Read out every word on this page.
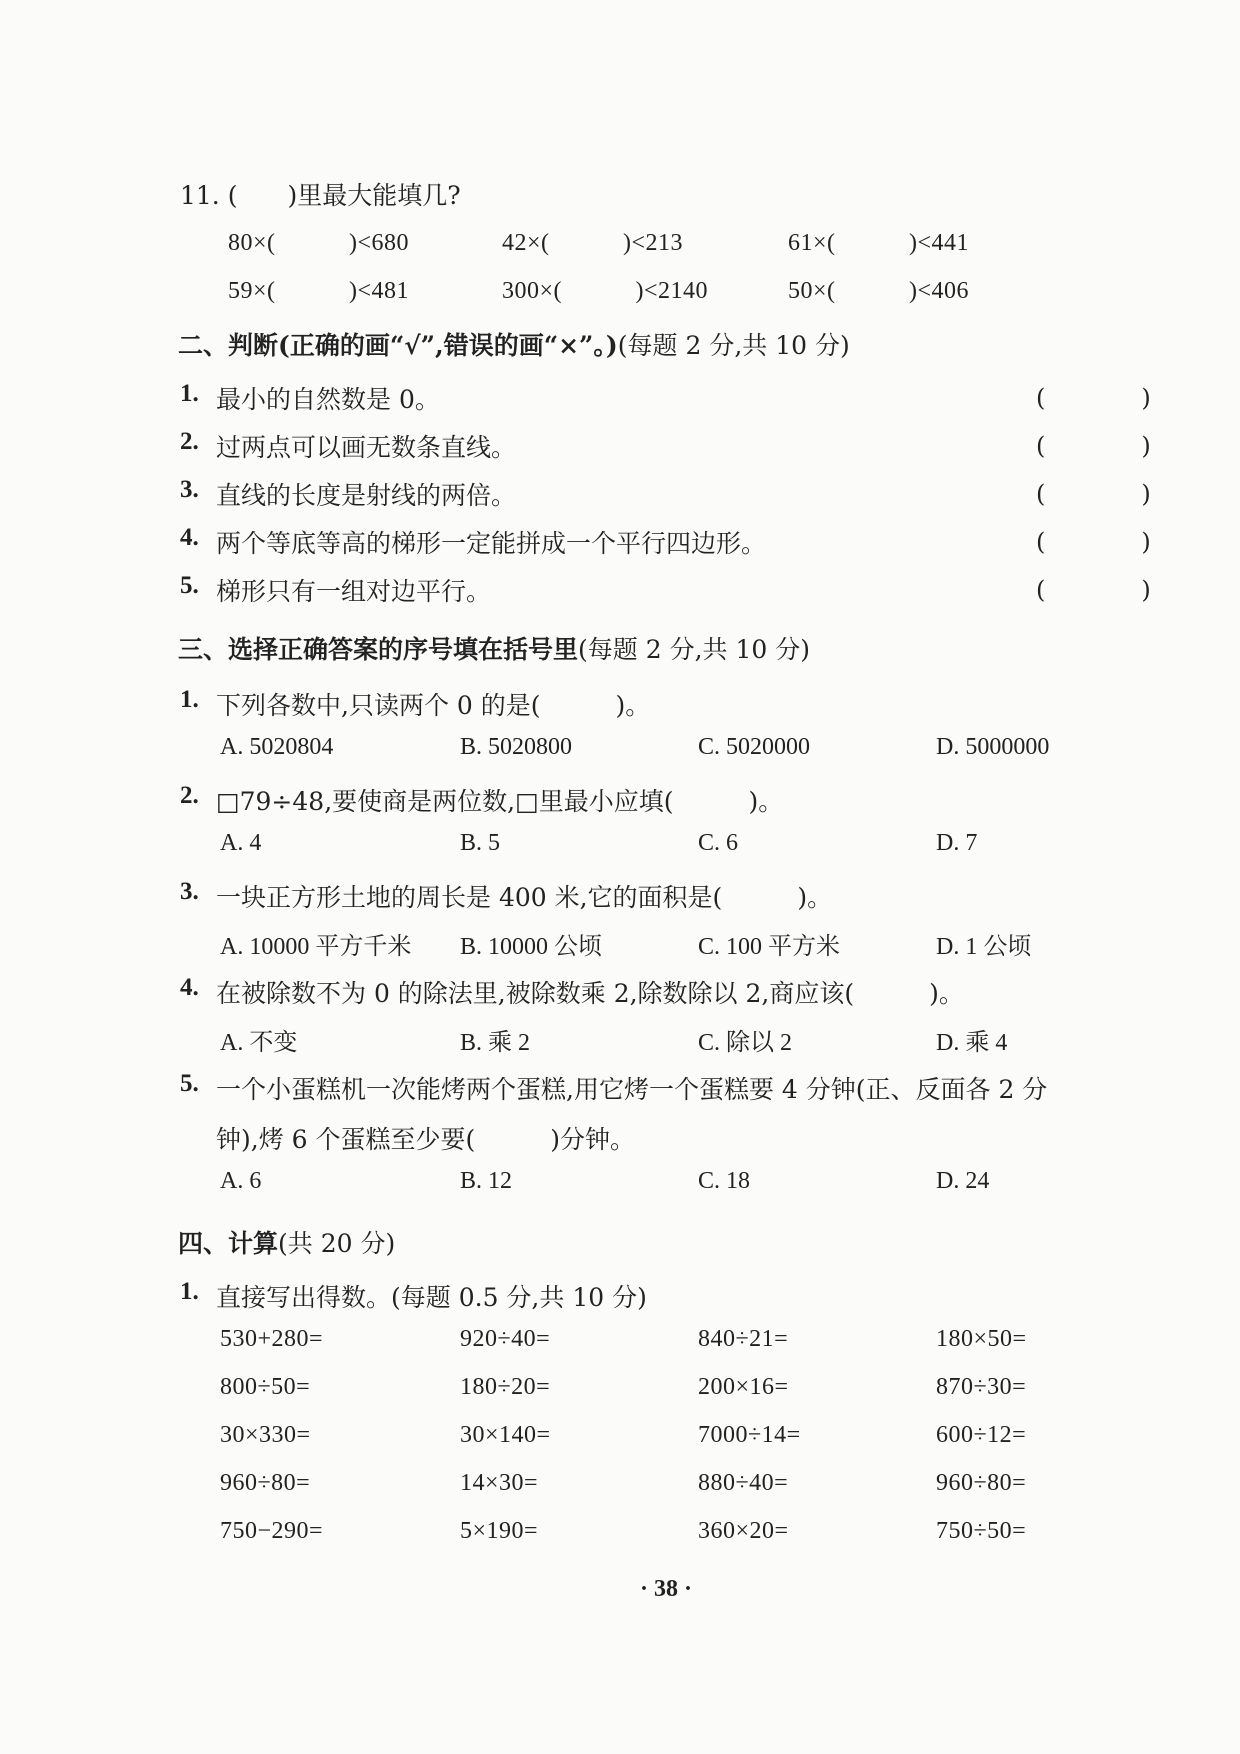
11. (　　)里最大能填几?
80×(　　　)<680	42×(　　　)<213	61×(　　　)<441
59×(　　　)<481	300×(　　　)<2140	50×(　　　)<406
二、判断(正确的画“√”,错误的画“×”。)(每题 2 分,共 10 分)
1. 最小的自然数是 0。	(　　　　)
2. 过两点可以画无数条直线。	(　　　　)
3. 直线的长度是射线的两倍。	(　　　　)
4. 两个等底等高的梯形一定能拼成一个平行四边形。	(　　　　)
5. 梯形只有一组对边平行。	(　　　　)
三、选择正确答案的序号填在括号里(每题 2 分,共 10 分)
1. 下列各数中,只读两个 0 的是(　　　)。
A. 5020804	B. 5020800	C. 5020000	D. 5000000
2. □79÷48,要使商是两位数,□里最小应填(　　　)。
A. 4	B. 5	C. 6	D. 7
3. 一块正方形土地的周长是 400 米,它的面积是(　　　)。
A. 10000 平方千米 B. 10000 公顷	C. 100 平方米	D. 1 公顷
4. 在被除数不为 0 的除法里,被除数乘 2,除数除以 2,商应该(　　　)。
A. 不变	B. 乘 2	C. 除以 2	D. 乘 4
5. 一个小蛋糕机一次能烤两个蛋糕,用它烤一个蛋糕要 4 分钟(正、反面各 2 分
钟),烤 6 个蛋糕至少要(　　　)分钟。
A. 6	B. 12	C. 18	D. 24
四、计算(共 20 分)
1. 直接写出得数。(每题 0.5 分,共 10 分)
530+280=	920÷40=	840÷21=	180×50=
800÷50=	180÷20=	200×16=	870÷30=
30×330=	30×140=	7000÷14=	600÷12=
960÷80=	14×30=	880÷40=	960÷80=
750−290=	5×190=	360×20=	750÷50=
· 38 ·
